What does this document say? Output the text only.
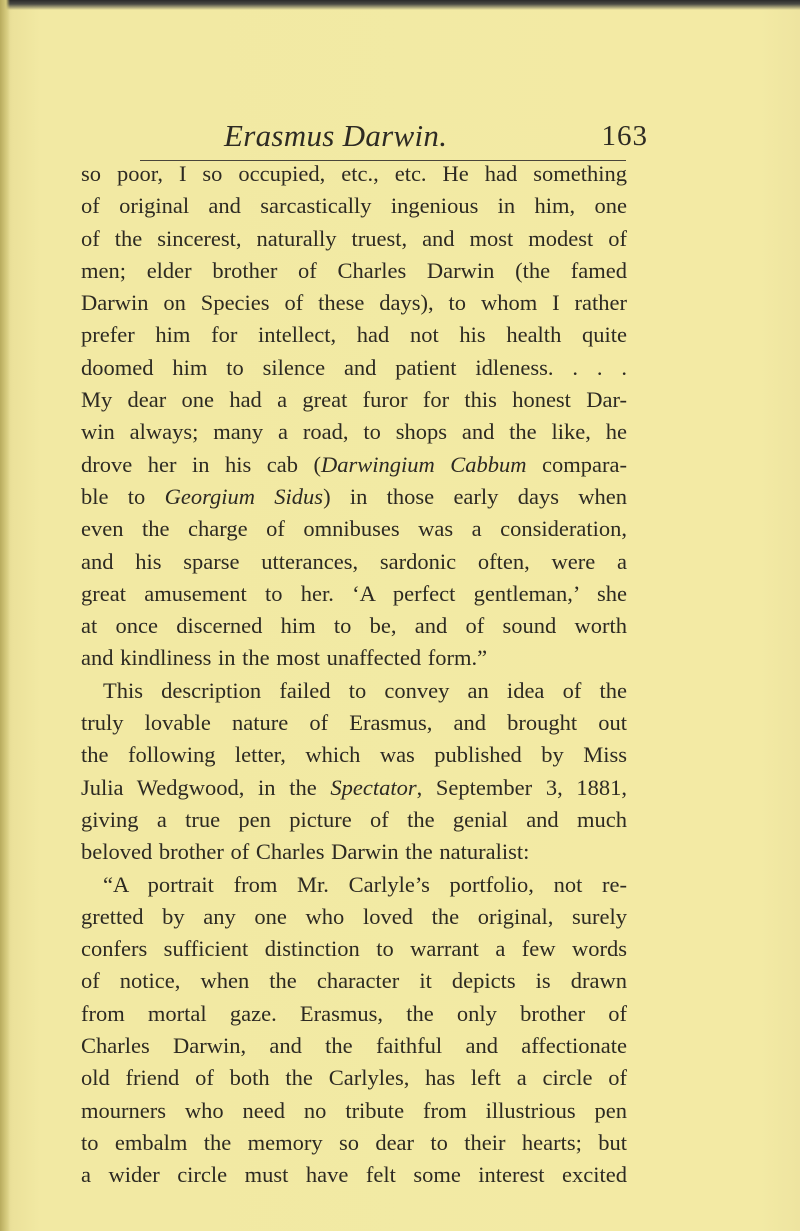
Erasmus Darwin.	163
so poor, I so occupied, etc., etc. He had something
of original and sarcastically ingenious in him, one
of the sincerest, naturally truest, and most modest of
men; elder brother of Charles Darwin (the famed
Darwin on Species of these days), to whom I rather
prefer him for intellect, had not his health quite
doomed him to silence and patient idleness. . . .
My dear one had a great furor for this honest Dar-
win always; many a road, to shops and the like, he
drove her in his cab (Darwingium Cabbum compara-
ble to Georgium Sidus) in those early days when
even the charge of omnibuses was a consideration,
and his sparse utterances, sardonic often, were a
great amusement to her. ‘A perfect gentleman,’ she
at once discerned him to be, and of sound worth
and kindliness in the most unaffected form.”
This description failed to convey an idea of the
truly lovable nature of Erasmus, and brought out
the following letter, which was published by Miss
Julia Wedgwood, in the Spectator, September 3, 1881,
giving a true pen picture of the genial and much
beloved brother of Charles Darwin the naturalist:
“A portrait from Mr. Carlyle’s portfolio, not re-
gretted by any one who loved the original, surely
confers sufficient distinction to warrant a few words
of notice, when the character it depicts is drawn
from mortal gaze. Erasmus, the only brother of
Charles Darwin, and the faithful and affectionate
old friend of both the Carlyles, has left a circle of
mourners who need no tribute from illustrious pen
to embalm the memory so dear to their hearts; but
a wider circle must have felt some interest excited
